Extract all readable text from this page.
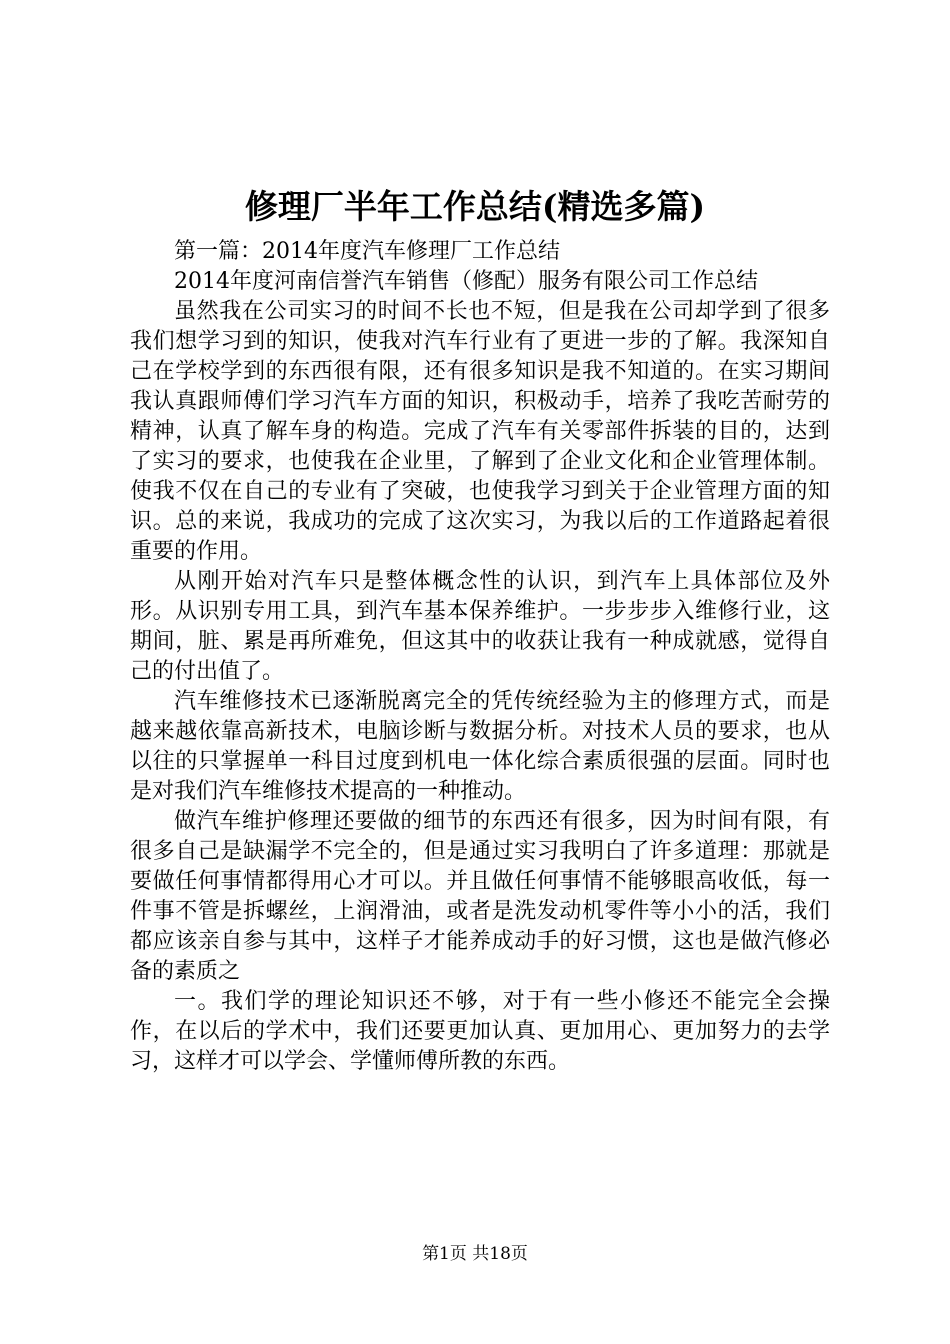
修理厂半年工作总结(精选多篇)

第一篇：2014年度汽车修理厂工作总结

2014年度河南信誉汽车销售（修配）服务有限公司工作总结

虽然我在公司实习的时间不长也不短，但是我在公司却学到了很多我们想学习到的知识，使我对汽车行业有了更进一步的了解。我深知自己在学校学到的东西很有限，还有很多知识是我不知道的。在实习期间我认真跟师傅们学习汽车方面的知识，积极动手，培养了我吃苦耐劳的精神，认真了解车身的构造。完成了汽车有关零部件拆装的目的，达到了实习的要求，也使我在企业里，了解到了企业文化和企业管理体制。使我不仅在自己的专业有了突破，也使我学习到关于企业管理方面的知识。总的来说，我成功的完成了这次实习，为我以后的工作道路起着很重要的作用。

从刚开始对汽车只是整体概念性的认识，到汽车上具体部位及外形。从识别专用工具，到汽车基本保养维护。一步步步入维修行业，这期间，脏、累是再所难免，但这其中的收获让我有一种成就感，觉得自己的付出值了。

汽车维修技术已逐渐脱离完全的凭传统经验为主的修理方式，而是越来越依靠高新技术，电脑诊断与数据分析。对技术人员的要求，也从以往的只掌握单一科目过度到机电一体化综合素质很强的层面。同时也是对我们汽车维修技术提高的一种推动。

做汽车维护修理还要做的细节的东西还有很多，因为时间有限，有很多自己是缺漏学不完全的，但是通过实习我明白了许多道理：那就是要做任何事情都得用心才可以。并且做任何事情不能够眼高收低，每一件事不管是拆螺丝，上润滑油，或者是洗发动机零件等小小的活，我们都应该亲自参与其中，这样子才能养成动手的好习惯，这也是做汽修必备的素质之

一。我们学的理论知识还不够，对于有一些小修还不能完全会操作，在以后的学术中，我们还要更加认真、更加用心、更加努力的去学习，这样才可以学会、学懂师傅所教的东西。

第1页 共18页
